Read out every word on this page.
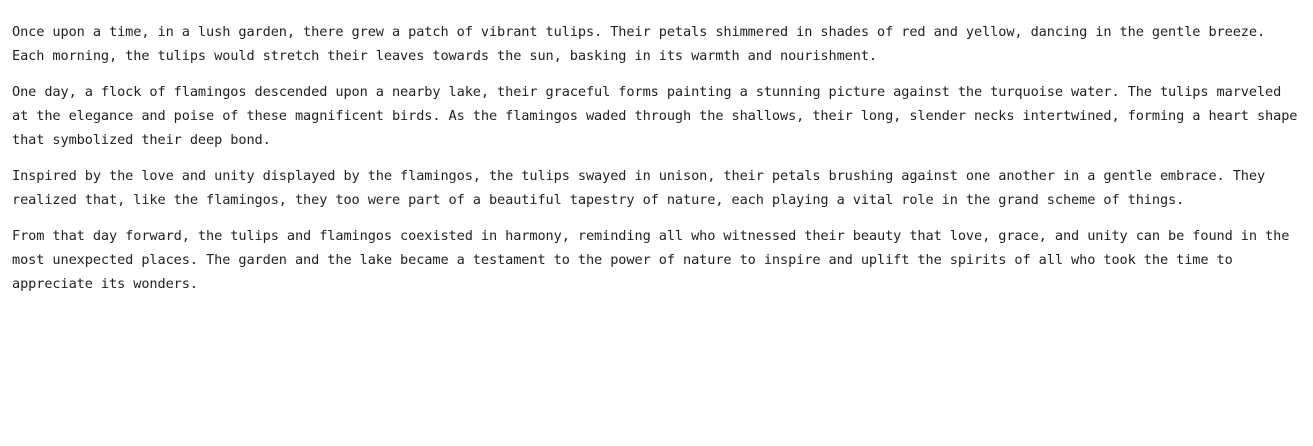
Once upon a time, in a lush garden, there grew a patch of vibrant tulips. Their petals shimmered in shades of red and yellow, dancing in the gentle breeze. Each morning, the tulips would stretch their leaves towards the sun, basking in its warmth and nourishment.

One day, a flock of flamingos descended upon a nearby lake, their graceful forms painting a stunning picture against the turquoise water. The tulips marveled at the elegance and poise of these magnificent birds. As the flamingos waded through the shallows, their long, slender necks intertwined, forming a heart shape that symbolized their deep bond.

Inspired by the love and unity displayed by the flamingos, the tulips swayed in unison, their petals brushing against one another in a gentle embrace. They realized that, like the flamingos, they too were part of a beautiful tapestry of nature, each playing a vital role in the grand scheme of things.

From that day forward, the tulips and flamingos coexisted in harmony, reminding all who witnessed their beauty that love, grace, and unity can be found in the most unexpected places. The garden and the lake became a testament to the power of nature to inspire and uplift the spirits of all who took the time to appreciate its wonders.
